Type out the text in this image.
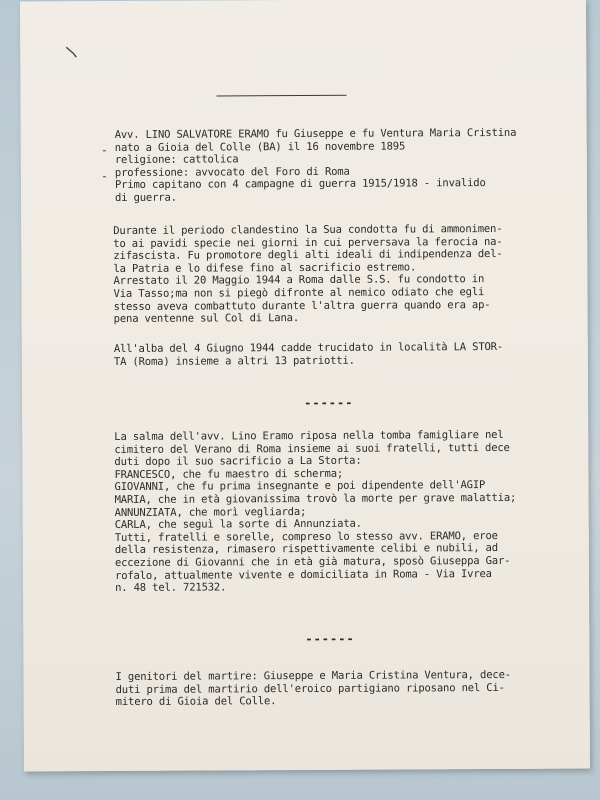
-
-
Avv. LINO SALVATORE ERAMO fu Giuseppe e fu Ventura Maria Cristina
nato a Gioia del Colle (BA) il 16 novembre 1895
religione: cattolica
professione: avvocato del Foro di Roma
Primo capitano con 4 campagne di guerra 1915/1918 - invalido
di guerra.
Durante il periodo clandestino la Sua condotta fu di ammonimen-
to ai pavidi specie nei giorni in cui perversava la ferocia na-
zifascista. Fu promotore degli alti ideali di indipendenza del-
la Patria e lo difese fino al sacrificio estremo.
Arrestato il 20 Maggio 1944 a Roma dalle S.S. fu condotto in
Via Tasso;ma non si piegò difronte al nemico odiato che egli
stesso aveva combattuto durante l'altra guerra quando era ap-
pena ventenne sul Col di Lana.
All'alba del 4 Giugno 1944 cadde trucidato in località LA STOR-
TA (Roma) insieme a altri 13 patriotti.
------
La salma dell'avv. Lino Eramo riposa nella tomba famigliare nel
cimitero del Verano di Roma insieme ai suoi fratelli, tutti dece
duti dopo il suo sacrificio a La Storta:
FRANCESCO, che fu maestro di scherma;
GIOVANNI, che fu prima insegnante e poi dipendente dell'AGIP
MARIA, che in età giovanissima trovò la morte per grave malattia;
ANNUNZIATA, che morì vegliarda;
CARLA, che seguì la sorte di Annunziata.
Tutti, fratelli e sorelle, compreso lo stesso avv. ERAMO, eroe
della resistenza, rimasero rispettivamente celibi e nubili, ad
eccezione di Giovanni che in età già matura, sposò Giuseppa Gar-
rofalo, attualmente vivente e domiciliata in Roma - Via Ivrea
n. 48 tel. 721532.
------
I genitori del martire: Giuseppe e Maria Cristina Ventura, dece-
duti prima del martirio dell'eroico partigiano riposano nel Ci-
mitero di Gioia del Colle.
